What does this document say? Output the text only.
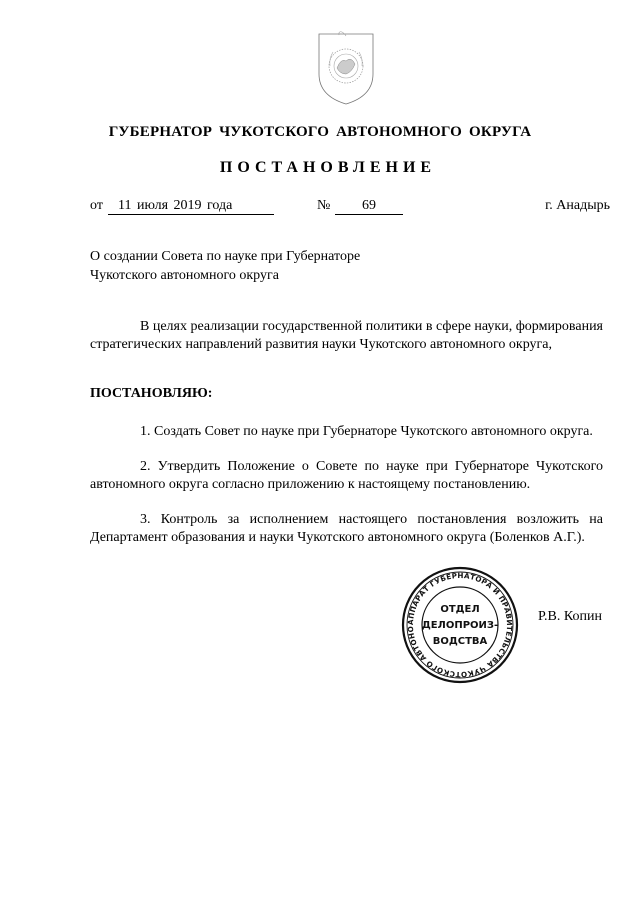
ГУБЕРНАТОР ЧУКОТСКОГО АВТОНОМНОГО ОКРУГА
ПОСТАНОВЛЕНИЕ
от	11 июля 2019 года	№	69	г. Анадырь
О создании Совета по науке при Губернаторе
Чукотского автономного округа
В целях реализации государственной политики в сфере науки, формирования стратегических направлений развития науки Чукотского автономного округа,
ПОСТАНОВЛЯЮ:
1. Создать Совет по науке при Губернаторе Чукотского автономного округа.
2. Утвердить Положение о Совете по науке при Губернаторе Чукотского автономного округа согласно приложению к настоящему постановлению.
3. Контроль за исполнением настоящего постановления возложить на Департамент образования и науки Чукотского автономного округа (Боленков А.Г.).
АППАРАТ ГУБЕРНАТОРА И ПРАВИТЕЛЬСТВА ЧУКОТСКОГО АВТОНО
ОТДЕЛ
ДЕЛОПРОИЗ-
ВОДСТВА
Р.В. Копин
